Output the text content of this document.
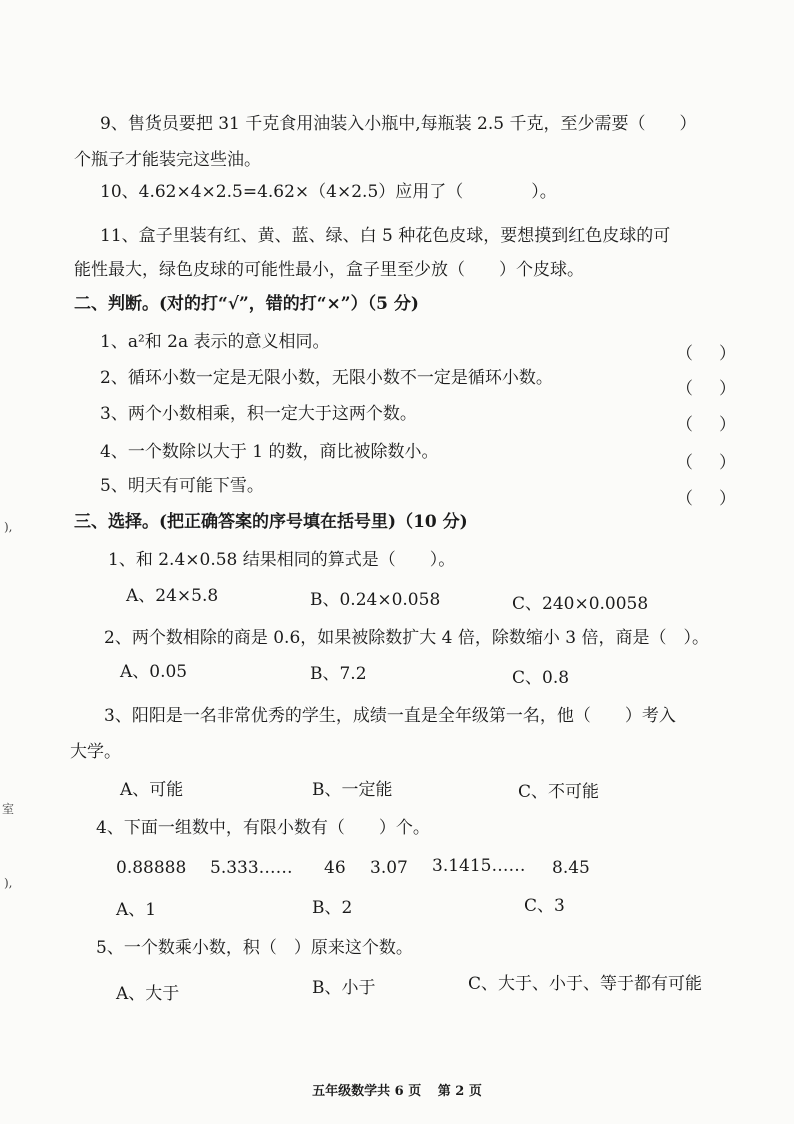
9、售货员要把 31 千克食用油装入小瓶中,每瓶装 2.5 千克，至少需要（　　）
个瓶子才能装完这些油。
10、4.62×4×2.5=4.62×（4×2.5）应用了（　　　　）。
11、盒子里装有红、黄、蓝、绿、白 5 种花色皮球，要想摸到红色皮球的可
能性最大，绿色皮球的可能性最小，盒子里至少放（　　）个皮球。
二、判断。(对的打“√”，错的打“×”）（5 分)
1、a²和 2a 表示的意义相同。
（ ）
2、循环小数一定是无限小数，无限小数不一定是循环小数。
（ ）
3、两个小数相乘，积一定大于这两个数。
（ ）
4、一个数除以大于 1 的数，商比被除数小。
（ ）
5、明天有可能下雪。
（ ）
三、选择。(把正确答案的序号填在括号里)（10 分)
1、和 2.4×0.58 结果相同的算式是（　　）。
A、24×5.8	B、0.24×0.058	C、240×0.0058
2、两个数相除的商是 0.6，如果被除数扩大 4 倍，除数缩小 3 倍，商是（　）。
A、0.05	B、7.2	C、0.8
3、阳阳是一名非常优秀的学生，成绩一直是全年级第一名，他（　　）考入
大学。
A、可能	B、一定能	C、不可能
4、下面一组数中，有限小数有（　　）个。
0.88888 5.333…… 46 3.07 3.1415…… 8.45
A、1	B、2	C、3
5、一个数乘小数，积（　）原来这个数。
A、大于	B、小于	C、大于、小于、等于都有可能
),
室
),
五年级数学共 6 页 第 2 页
